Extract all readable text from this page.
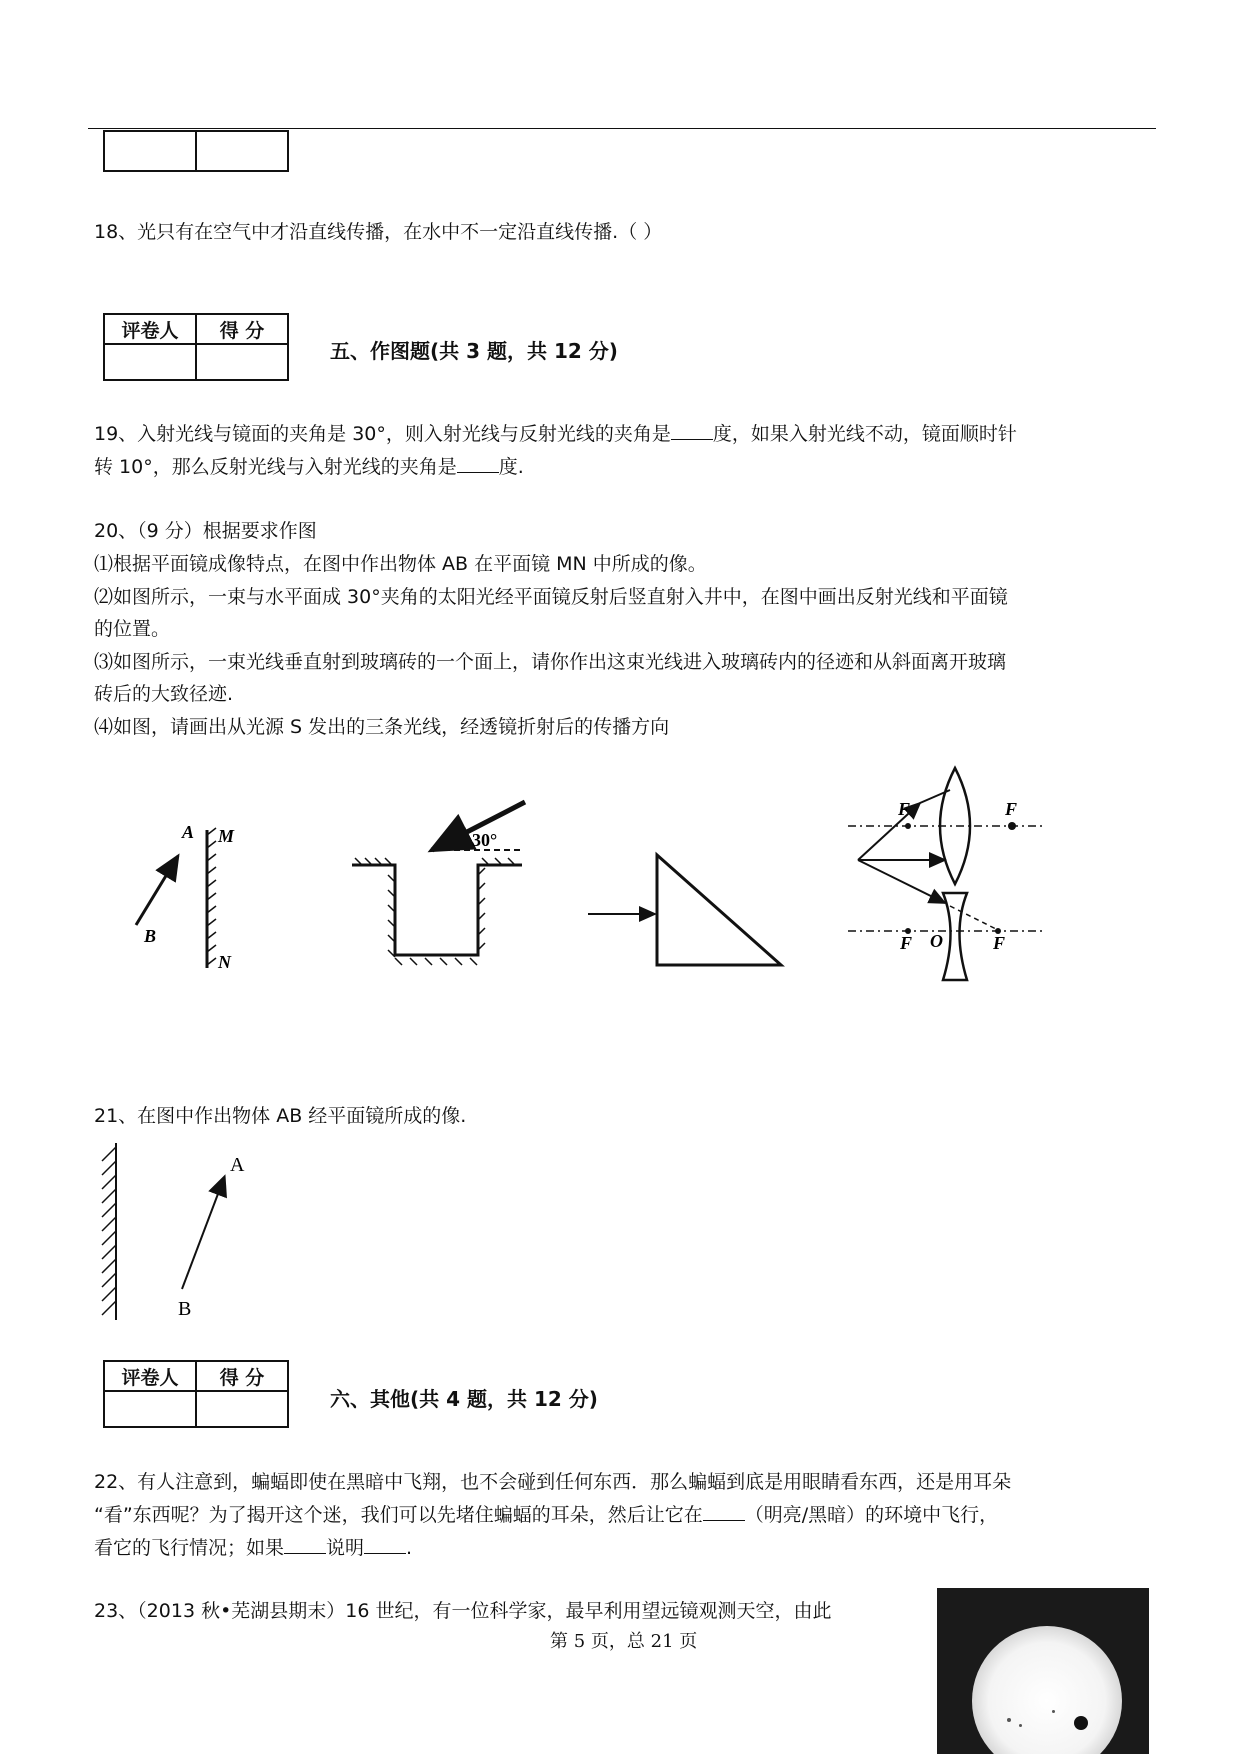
18、光只有在空气中才沿直线传播，在水中不一定沿直线传播.（ ）
评卷人	得 分

五、作图题(共 3 题，共 12 分)
19、入射光线与镜面的夹角是 30°，则入射光线与反射光线的夹角是 度，如果入射光线不动，镜面顺时针
转 10°，那么反射光线与入射光线的夹角是 度.
20、（9 分）根据要求作图
⑴根据平面镜成像特点，在图中作出物体 AB 在平面镜 MN 中所成的像。
⑵如图所示，一束与水平面成 30°夹角的太阳光经平面镜反射后竖直射入井中，在图中画出反射光线和平面镜
的位置。
⑶如图所示，一束光线垂直射到玻璃砖的一个面上，请你作出这束光线进入玻璃砖内的径迹和从斜面离开玻璃
砖后的大致径迹.
⑷如图，请画出从光源 S 发出的三条光线，经透镜折射后的传播方向
A
B
M
N
30°
F	F
F O	F
21、在图中作出物体 AB 经平面镜所成的像.
A
B
评卷人	得 分

六、其他(共 4 题，共 12 分)
22、有人注意到，蝙蝠即使在黑暗中飞翔，也不会碰到任何东西．那么蝙蝠到底是用眼睛看东西，还是用耳朵
“看”东西呢？为了揭开这个迷，我们可以先堵住蝙蝠的耳朵，然后让它在 （明亮/黑暗）的环境中飞行，
看它的飞行情况；如果 说明 .
23、（2013 秋•芜湖县期末）16 世纪，有一位科学家，最早利用望远镜观测天空，由此
第 5 页，总 21 页
